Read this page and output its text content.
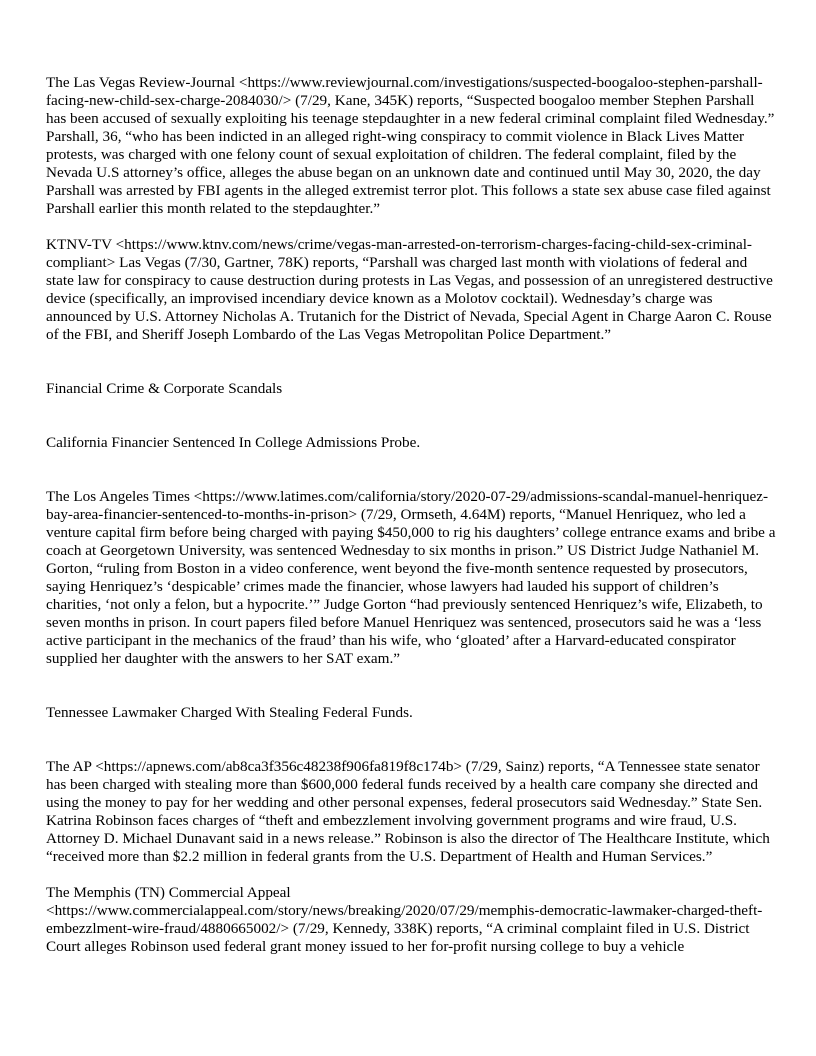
The Las Vegas Review-Journal <https://www.reviewjournal.com/investigations/suspected-boogaloo-stephen-parshall-facing-new-child-sex-charge-2084030/> (7/29, Kane, 345K) reports, “Suspected boogaloo member Stephen Parshall has been accused of sexually exploiting his teenage stepdaughter in a new federal criminal complaint filed Wednesday.” Parshall, 36, “who has been indicted in an alleged right-wing conspiracy to commit violence in Black Lives Matter protests, was charged with one felony count of sexual exploitation of children. The federal complaint, filed by the Nevada U.S attorney’s office, alleges the abuse began on an unknown date and continued until May 30, 2020, the day Parshall was arrested by FBI agents in the alleged extremist terror plot. This follows a state sex abuse case filed against Parshall earlier this month related to the stepdaughter.”

KTNV-TV <https://www.ktnv.com/news/crime/vegas-man-arrested-on-terrorism-charges-facing-child-sex-criminal-compliant> Las Vegas (7/30, Gartner, 78K) reports, “Parshall was charged last month with violations of federal and state law for conspiracy to cause destruction during protests in Las Vegas, and possession of an unregistered destructive device (specifically, an improvised incendiary device known as a Molotov cocktail). Wednesday’s charge was announced by U.S. Attorney Nicholas A. Trutanich for the District of Nevada, Special Agent in Charge Aaron C. Rouse of the FBI, and Sheriff Joseph Lombardo of the Las Vegas Metropolitan Police Department.”

Financial Crime & Corporate Scandals

California Financier Sentenced In College Admissions Probe.

The Los Angeles Times <https://www.latimes.com/california/story/2020-07-29/admissions-scandal-manuel-henriquez-bay-area-financier-sentenced-to-months-in-prison> (7/29, Ormseth, 4.64M) reports, “Manuel Henriquez, who led a venture capital firm before being charged with paying $450,000 to rig his daughters’ college entrance exams and bribe a coach at Georgetown University, was sentenced Wednesday to six months in prison.” US District Judge Nathaniel M. Gorton, “ruling from Boston in a video conference, went beyond the five-month sentence requested by prosecutors, saying Henriquez’s ‘despicable’ crimes made the financier, whose lawyers had lauded his support of children’s charities, ‘not only a felon, but a hypocrite.’” Judge Gorton “had previously sentenced Henriquez’s wife, Elizabeth, to seven months in prison. In court papers filed before Manuel Henriquez was sentenced, prosecutors said he was a ‘less active participant in the mechanics of the fraud’ than his wife, who ‘gloated’ after a Harvard-educated conspirator supplied her daughter with the answers to her SAT exam.”

Tennessee Lawmaker Charged With Stealing Federal Funds.

The AP <https://apnews.com/ab8ca3f356c48238f906fa819f8c174b> (7/29, Sainz) reports, “A Tennessee state senator has been charged with stealing more than $600,000 federal funds received by a health care company she directed and using the money to pay for her wedding and other personal expenses, federal prosecutors said Wednesday.” State Sen. Katrina Robinson faces charges of “theft and embezzlement involving government programs and wire fraud, U.S. Attorney D. Michael Dunavant said in a news release.” Robinson is also the director of The Healthcare Institute, which “received more than $2.2 million in federal grants from the U.S. Department of Health and Human Services.”

The Memphis (TN) Commercial Appeal <https://www.commercialappeal.com/story/news/breaking/2020/07/29/memphis-democratic-lawmaker-charged-theft-embezzlment-wire-fraud/4880665002/> (7/29, Kennedy, 338K) reports, “A criminal complaint filed in U.S. District Court alleges Robinson used federal grant money issued to her for-profit nursing college to buy a vehicle
